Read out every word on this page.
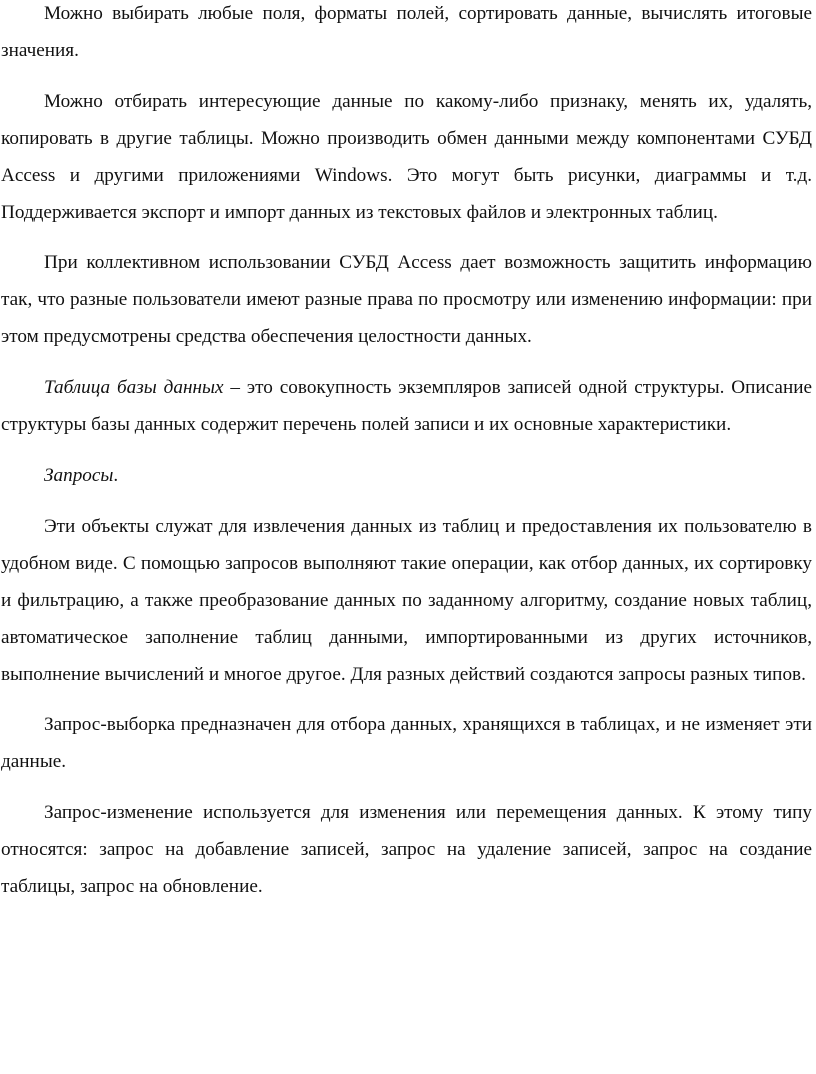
Можно выбирать любые поля, форматы полей, сортировать данные, вычислять итоговые значения.

Можно отбирать интересующие данные по какому-либо признаку, менять их, удалять, копировать в другие таблицы. Можно производить обмен данными между компонентами СУБД Access и другими приложениями Windows. Это могут быть рисунки, диаграммы и т.д. Поддерживается экспорт и импорт данных из текстовых файлов и электронных таблиц.

При коллективном использовании СУБД Access дает возможность защитить информацию так, что разные пользователи имеют разные права по просмотру или изменению информации: при этом предусмотрены средства обеспечения целостности данных.

Таблица базы данных – это совокупность экземпляров записей одной структуры. Описание структуры базы данных содержит перечень полей записи и их основные характеристики.

Запросы.

Эти объекты служат для извлечения данных из таблиц и предоставления их пользователю в удобном виде. С помощью запросов выполняют такие операции, как отбор данных, их сортировку и фильтрацию, а также преобразование данных по заданному алгоритму, создание новых таблиц, автоматическое заполнение таблиц данными, импортированными из других источников, выполнение вычислений и многое другое. Для разных действий создаются запросы разных типов.

Запрос-выборка предназначен для отбора данных, хранящихся в таблицах, и не изменяет эти данные.

Запрос-изменение используется для изменения или перемещения данных. К этому типу относятся: запрос на добавление записей, запрос на удаление записей, запрос на создание таблицы, запрос на обновление.
